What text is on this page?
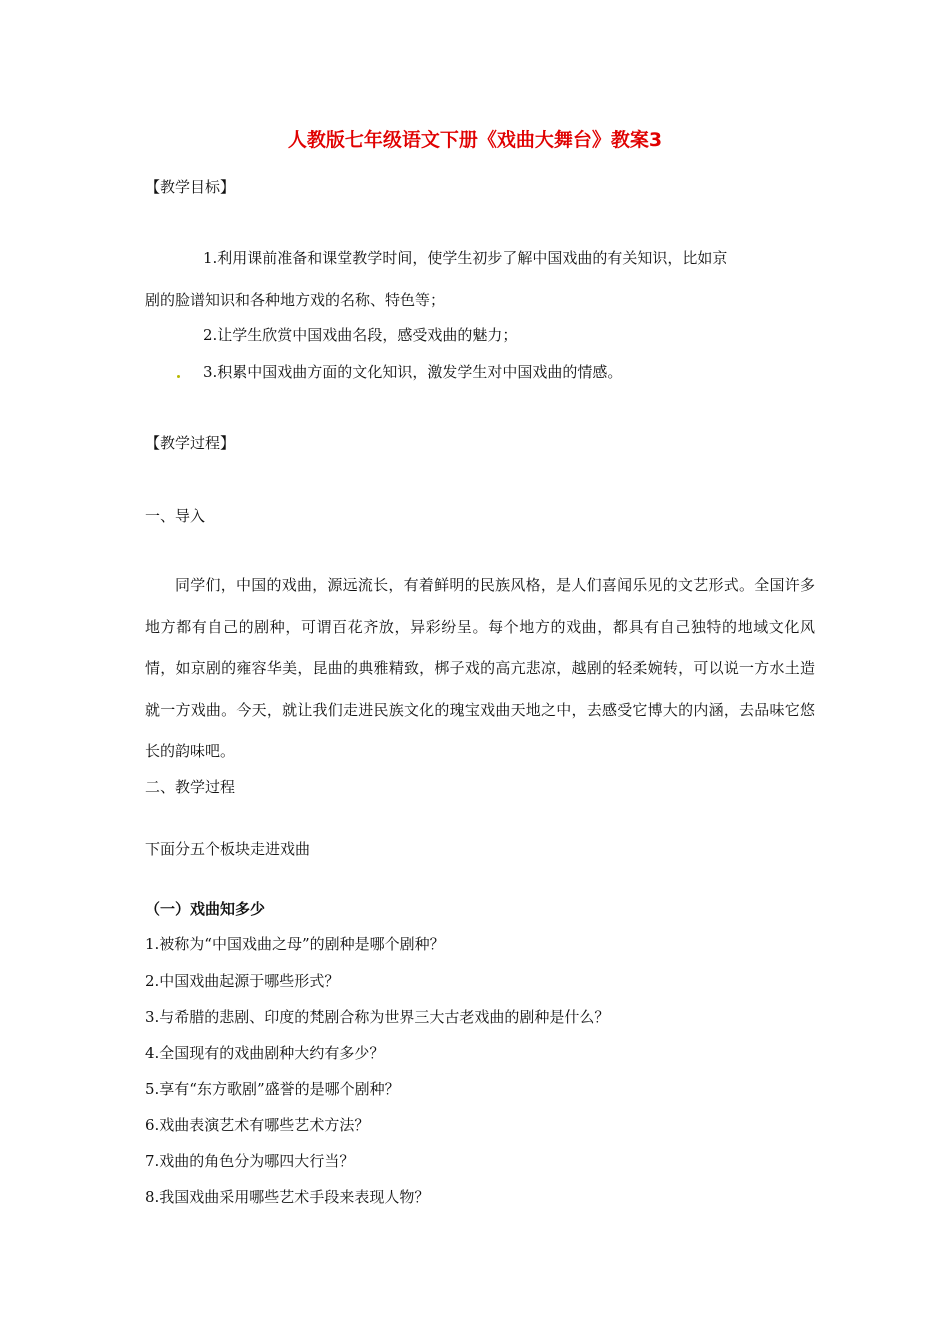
人教版七年级语文下册《戏曲大舞台》教案3
【教学目标】
1.利用课前准备和课堂教学时间，使学生初步了解中国戏曲的有关知识，比如京
剧的脸谱知识和各种地方戏的名称、特色等；
2.让学生欣赏中国戏曲名段，感受戏曲的魅力；
3.积累中国戏曲方面的文化知识，激发学生对中国戏曲的情感。
【教学过程】
一、导入
同学们，中国的戏曲，源远流长，有着鲜明的民族风格，是人们喜闻乐见的文艺形式。全国许多地方都有自己的剧种，可谓百花齐放，异彩纷呈。每个地方的戏曲，都具有自己独特的地域文化风情，如京剧的雍容华美，昆曲的典雅精致，梆子戏的高亢悲凉，越剧的轻柔婉转，可以说一方水土造就一方戏曲。今天，就让我们走进民族文化的瑰宝戏曲天地之中，去感受它博大的内涵，去品味它悠长的韵味吧。
二、教学过程
下面分五个板块走进戏曲
（一）戏曲知多少
1.被称为“中国戏曲之母”的剧种是哪个剧种？
2.中国戏曲起源于哪些形式？
3.与希腊的悲剧、印度的梵剧合称为世界三大古老戏曲的剧种是什么？
4.全国现有的戏曲剧种大约有多少？
5.享有“东方歌剧”盛誉的是哪个剧种？
6.戏曲表演艺术有哪些艺术方法？
7.戏曲的角色分为哪四大行当？
8.我国戏曲采用哪些艺术手段来表现人物？
